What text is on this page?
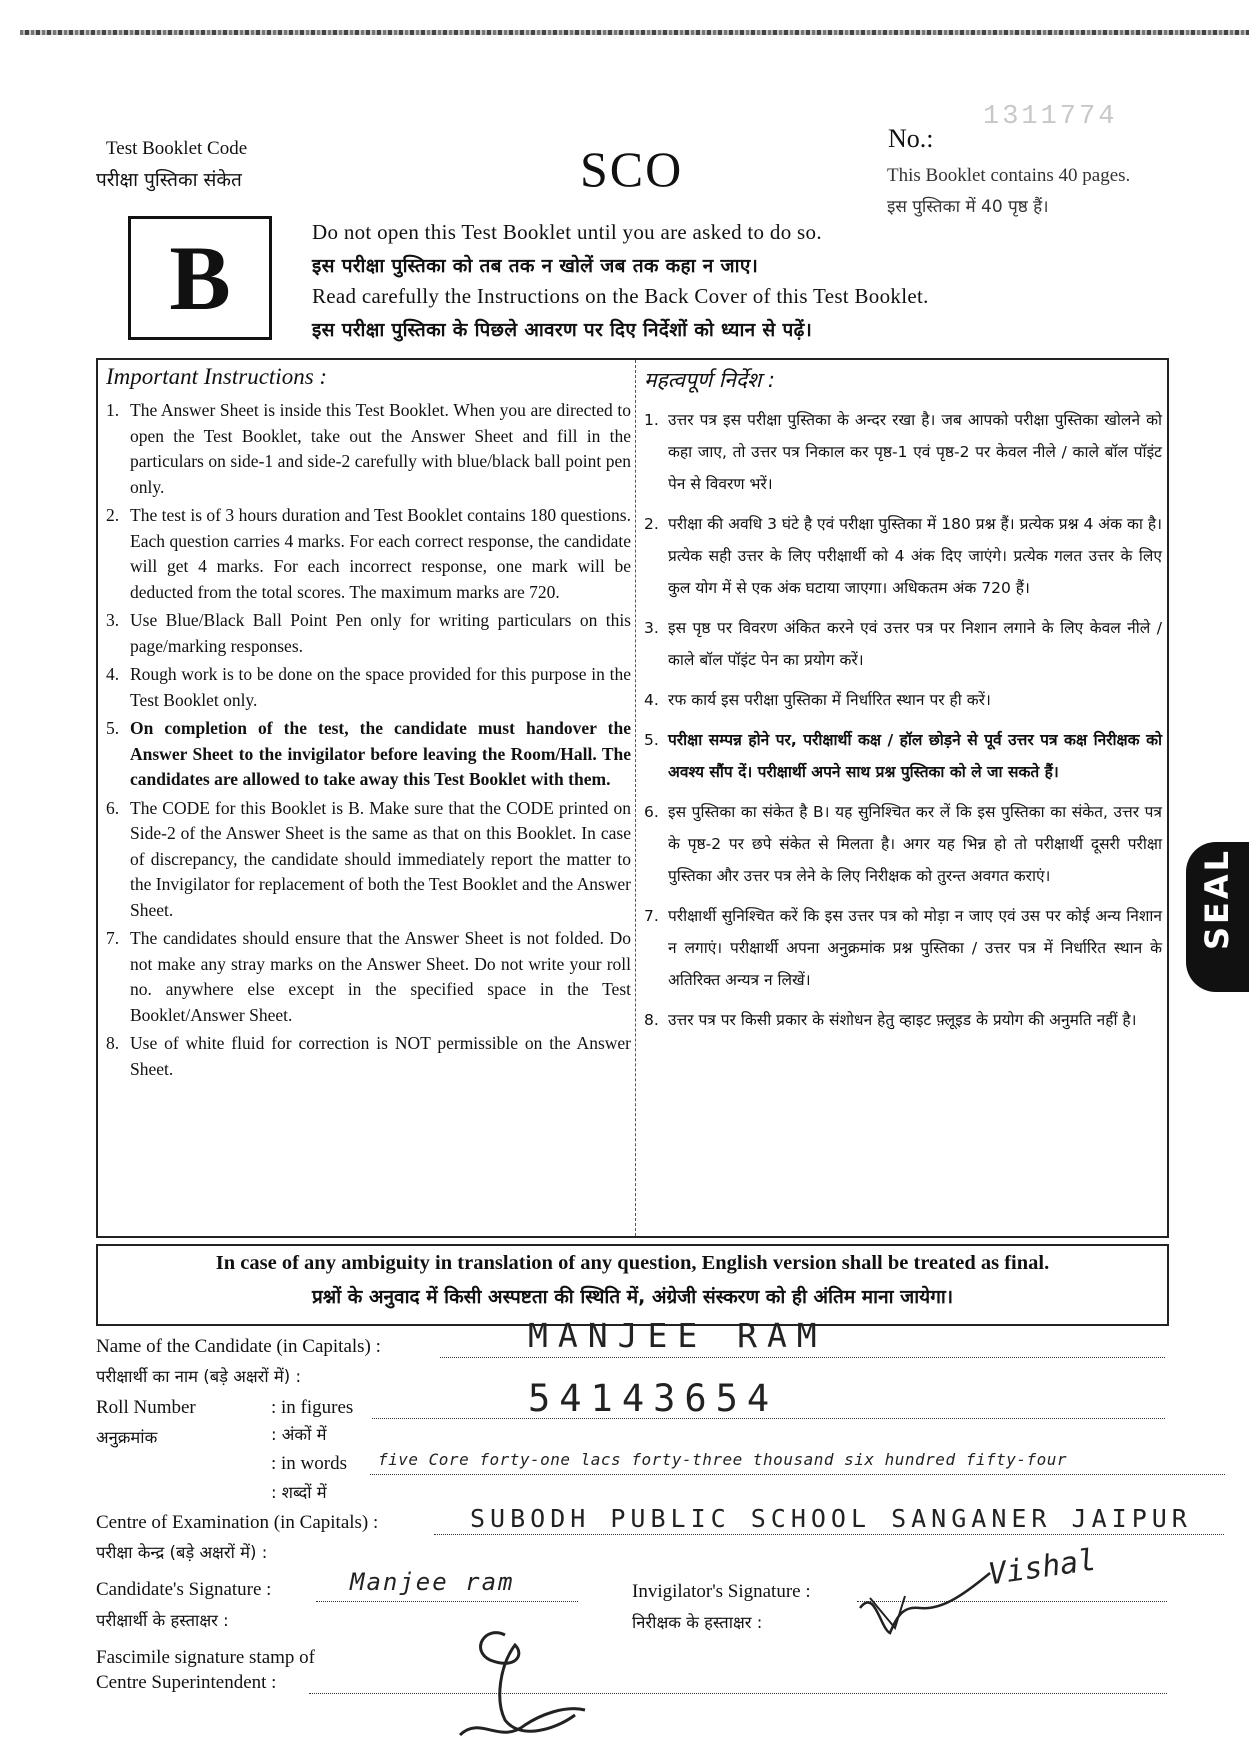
Test Booklet Code
परीक्षा पुस्तिका संकेत	SCO
No.:
1311774
This Booklet contains 40 pages.
इस पुस्तिका में 40 पृष्ठ हैं।
B	Do not open this Test Booklet until you are asked to do so.
इस परीक्षा पुस्तिका को तब तक न खोलें जब तक कहा न जाए।
Read carefully the Instructions on the Back Cover of this Test Booklet.
इस परीक्षा पुस्तिका के पिछले आवरण पर दिए निर्देशों को ध्यान से पढ़ें।
Important Instructions :
1. The Answer Sheet is inside this Test Booklet. When you are directed to open the Test Booklet, take out the Answer Sheet and fill in the particulars on side-1 and side-2 carefully with blue/black ball point pen only.
2. The test is of 3 hours duration and Test Booklet contains 180 questions. Each question carries 4 marks. For each correct response, the candidate will get 4 marks. For each incorrect response, one mark will be deducted from the total scores. The maximum marks are 720.
3. Use Blue/Black Ball Point Pen only for writing particulars on this page/marking responses.
4. Rough work is to be done on the space provided for this purpose in the Test Booklet only.
5. On completion of the test, the candidate must handover the Answer Sheet to the invigilator before leaving the Room/Hall. The candidates are allowed to take away this Test Booklet with them.
6. The CODE for this Booklet is B. Make sure that the CODE printed on Side-2 of the Answer Sheet is the same as that on this Booklet. In case of discrepancy, the candidate should immediately report the matter to the Invigilator for replacement of both the Test Booklet and the Answer Sheet.
7. The candidates should ensure that the Answer Sheet is not folded. Do not make any stray marks on the Answer Sheet. Do not write your roll no. anywhere else except in the specified space in the Test Booklet/Answer Sheet.
8. Use of white fluid for correction is NOT permissible on the Answer Sheet.
महत्वपूर्ण निर्देश :
1. उत्तर पत्र इस परीक्षा पुस्तिका के अन्दर रखा है। जब आपको परीक्षा पुस्तिका खोलने को कहा जाए, तो उत्तर पत्र निकाल कर पृष्ठ-1 एवं पृष्ठ-2 पर केवल नीले / काले बॉल पॉइंट पेन से विवरण भरें।
2. परीक्षा की अवधि 3 घंटे है एवं परीक्षा पुस्तिका में 180 प्रश्न हैं। प्रत्येक प्रश्न 4 अंक का है। प्रत्येक सही उत्तर के लिए परीक्षार्थी को 4 अंक दिए जाएंगे। प्रत्येक गलत उत्तर के लिए कुल योग में से एक अंक घटाया जाएगा। अधिकतम अंक 720 हैं।
3. इस पृष्ठ पर विवरण अंकित करने एवं उत्तर पत्र पर निशान लगाने के लिए केवल नीले / काले बॉल पॉइंट पेन का प्रयोग करें।
4. रफ कार्य इस परीक्षा पुस्तिका में निर्धारित स्थान पर ही करें।
5. परीक्षा सम्पन्न होने पर, परीक्षार्थी कक्ष / हॉल छोड़ने से पूर्व उत्तर पत्र कक्ष निरीक्षक को अवश्य सौंप दें। परीक्षार्थी अपने साथ प्रश्न पुस्तिका को ले जा सकते हैं।
6. इस पुस्तिका का संकेत है B। यह सुनिश्चित कर लें कि इस पुस्तिका का संकेत, उत्तर पत्र के पृष्ठ-2 पर छपे संकेत से मिलता है। अगर यह भिन्न हो तो परीक्षार्थी दूसरी परीक्षा पुस्तिका और उत्तर पत्र लेने के लिए निरीक्षक को तुरन्त अवगत कराएं।
7. परीक्षार्थी सुनिश्चित करें कि इस उत्तर पत्र को मोड़ा न जाए एवं उस पर कोई अन्य निशान न लगाएं। परीक्षार्थी अपना अनुक्रमांक प्रश्न पुस्तिका / उत्तर पत्र में निर्धारित स्थान के अतिरिक्त अन्यत्र न लिखें।
8. उत्तर पत्र पर किसी प्रकार के संशोधन हेतु व्हाइट फ़्लूइड के प्रयोग की अनुमति नहीं है।
SEAL
In case of any ambiguity in translation of any question, English version shall be treated as final.
प्रश्नों के अनुवाद में किसी अस्पष्टता की स्थिति में, अंग्रेजी संस्करण को ही अंतिम माना जायेगा।
Name of the Candidate (in Capitals) :
परीक्षार्थी का नाम (बड़े अक्षरों में) :
MANJEE RAM
Roll Number
अनुक्रमांक
: in figures
: अंकों में
54143654
: in words
: शब्दों में
five Core forty-one lacs forty-three thousand six hundred fifty-four
Centre of Examination (in Capitals) :
परीक्षा केन्द्र (बड़े अक्षरों में) :
SUBODH PUBLIC SCHOOL SANGANER JAIPUR
Candidate's Signature :
परीक्षार्थी के हस्ताक्षर :
Manjee ram	Invigilator's Signature :
निरीक्षक के हस्ताक्षर :
Vishal
Fascimile signature stamp of
Centre Superintendent :
